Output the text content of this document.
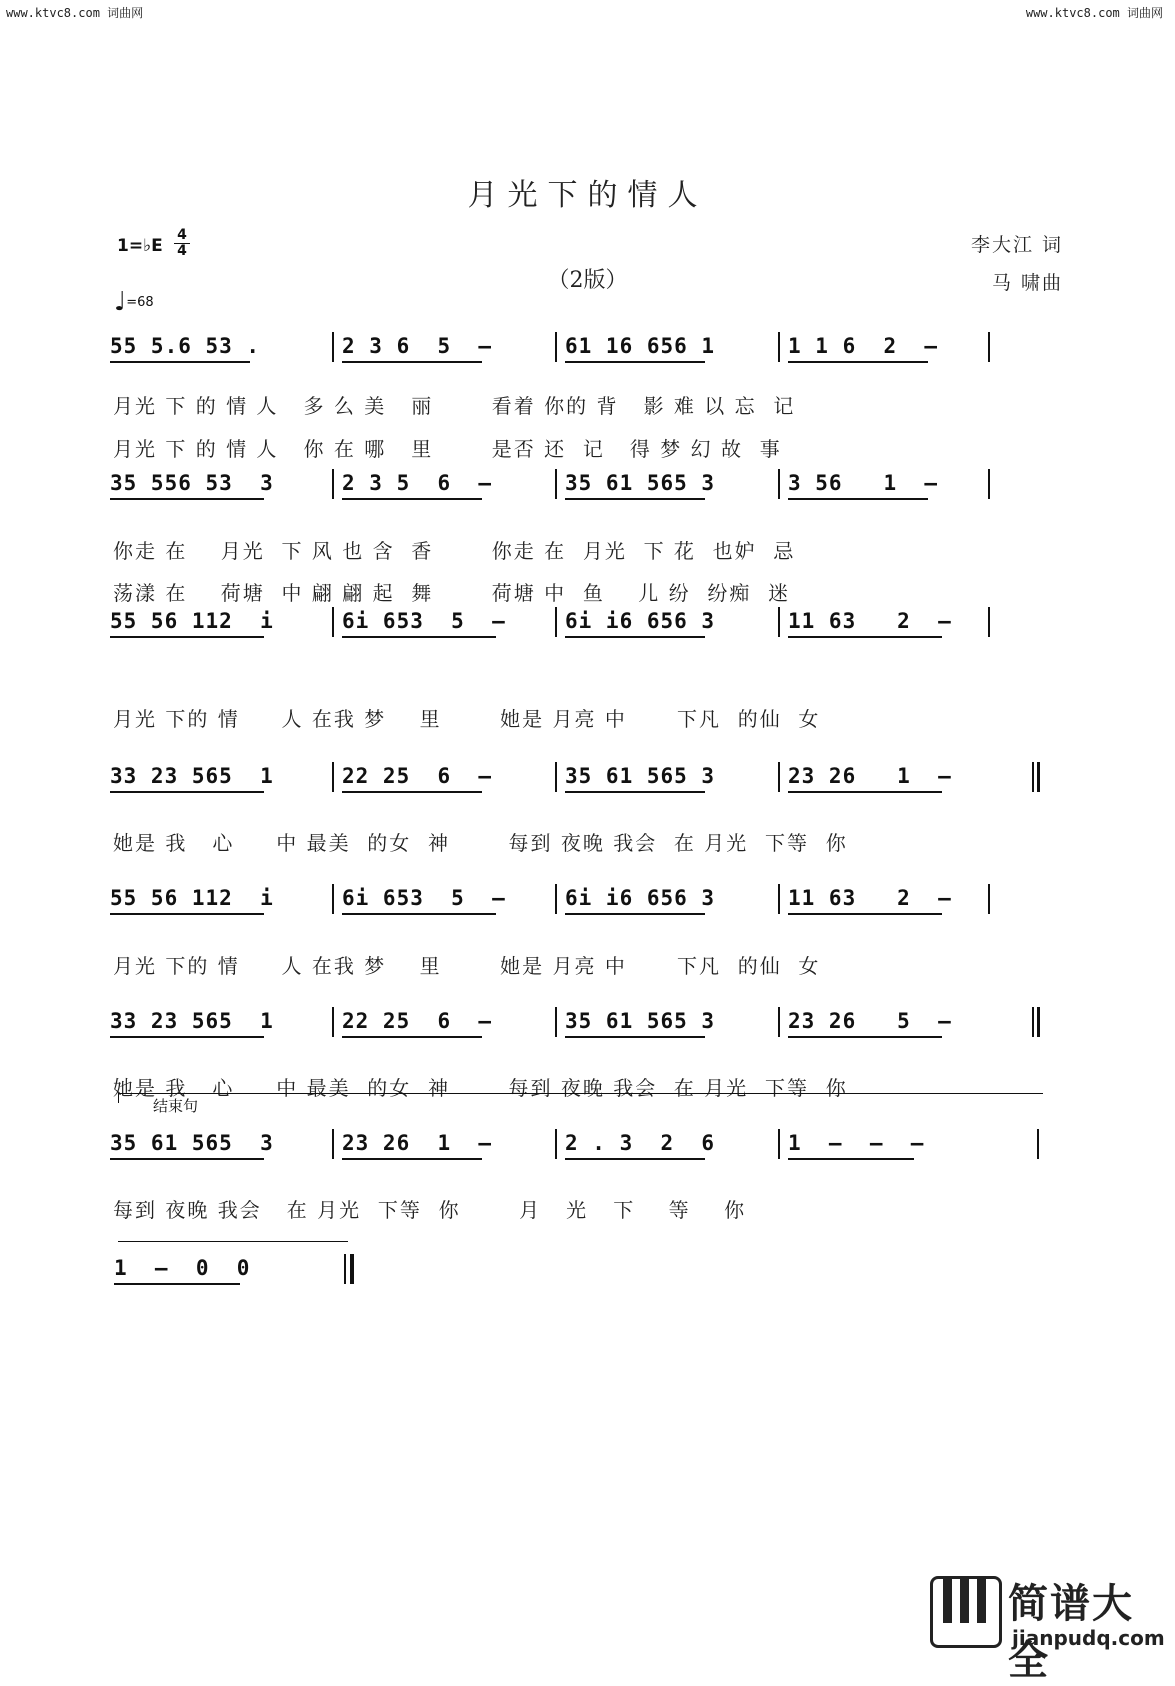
www.ktvc8.com 词曲网	www.ktvc8.com 词曲网
月光下的情人
（2版）
1=♭E
4
4
♩=68
李大江 词
马 啸曲
55 5.6 53 .	2 3 6  5  —	61 16 656 1	1 1 6  2  —
月光 下 的 情 人   多 么 美   丽       看着 你的 背   影 难 以 忘  记
月光 下 的 情 人   你 在 哪   里       是否 还  记   得 梦 幻 故  事
35 556 53  3	2 3 5  6  —	35 61 565 3	3 56   1  —
你走 在    月光  下 风 也 含  香       你走 在  月光  下 花  也妒  忌
荡漾 在    荷塘  中 翩 翩 起  舞       荷塘 中  鱼    儿 纷  纷痴  迷
55 56 112  i	6i 653  5  —	6i i6 656 3	11 63   2  —
月光 下的 情     人 在我 梦    里       她是 月亮 中      下凡  的仙  女
33 23 565  1	22 25  6  —	35 61 565 3	23 26   1  —
她是 我   心     中 最美  的女  神       每到 夜晚 我会  在 月光  下等  你
55 56 112  i	6i 653  5  —	6i i6 656 3	11 63   2  —
月光 下的 情     人 在我 梦    里       她是 月亮 中      下凡  的仙  女
33 23 565  1	22 25  6  —	35 61 565 3	23 26   5  —
她是 我   心     中 最美  的女  神       每到 夜晚 我会  在 月光  下等  你
结束句
35 61 565  3	23 26  1  —	2 . 3  2  6	1  —  —  —
每到 夜晚 我会   在 月光  下等  你       月   光   下    等    你
1  —  0  0
简谱大全
jianpudq.com
